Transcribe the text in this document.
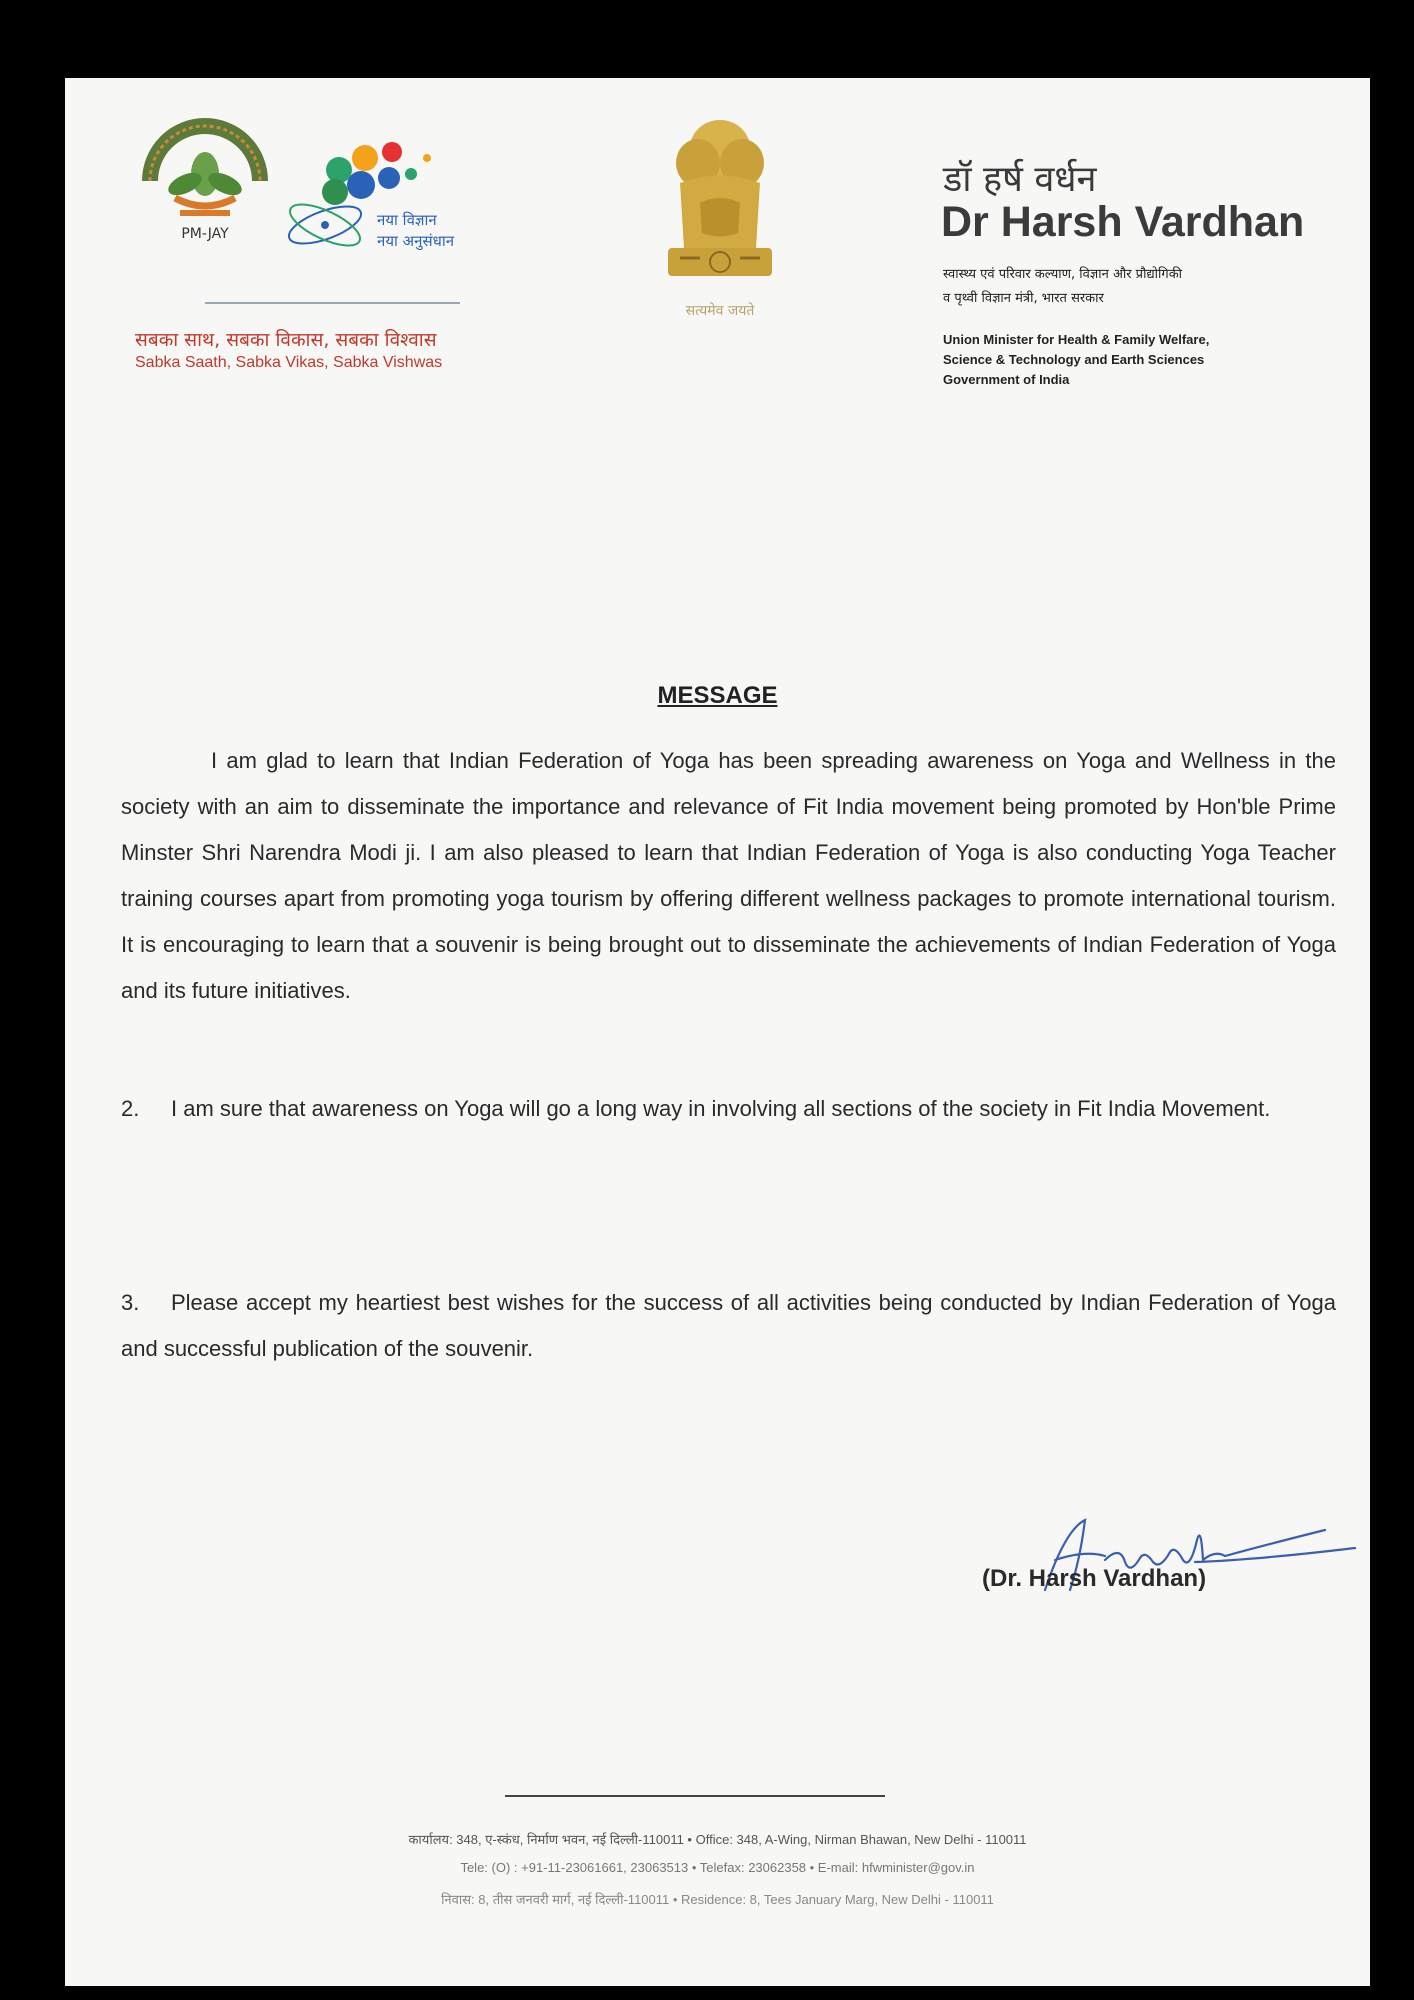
PM-JAY
नया विज्ञान
नया अनुसंधान
सबका साथ, सबका विकास, सबका विश्वास
Sabka Saath, Sabka Vikas, Sabka Vishwas
सत्यमेव जयते
डॉ हर्ष वर्धन
Dr Harsh Vardhan
स्वास्थ्य एवं परिवार कल्याण, विज्ञान और प्रौद्योगिकी
व पृथ्वी विज्ञान मंत्री, भारत सरकार
Union Minister for Health & Family Welfare,
Science & Technology and Earth Sciences
Government of India
MESSAGE
I am glad to learn that Indian Federation of Yoga has been spreading awareness on Yoga and Wellness in the society with an aim to disseminate the importance and relevance of Fit India movement being promoted by Hon'ble Prime Minster Shri Narendra Modi ji. I am also pleased to learn that Indian Federation of Yoga is also conducting Yoga Teacher training courses apart from promoting yoga tourism by offering different wellness packages to promote international tourism. It is encouraging to learn that a souvenir is being brought out to disseminate the achievements of Indian Federation of Yoga and its future initiatives.
2. I am sure that awareness on Yoga will go a long way in involving all sections of the society in Fit India Movement.
3. Please accept my heartiest best wishes for the success of all activities being conducted by Indian Federation of Yoga and successful publication of the souvenir.
(Dr. Harsh Vardhan)
कार्यालय: 348, ए-स्कंध, निर्माण भवन, नई दिल्ली-110011 • Office: 348, A-Wing, Nirman Bhawan, New Delhi - 110011
Tele: (O) : +91-11-23061661, 23063513 • Telefax: 23062358 • E-mail: hfwminister@gov.in
निवास: 8, तीस जनवरी मार्ग, नई दिल्ली-110011 • Residence: 8, Tees January Marg, New Delhi - 110011
